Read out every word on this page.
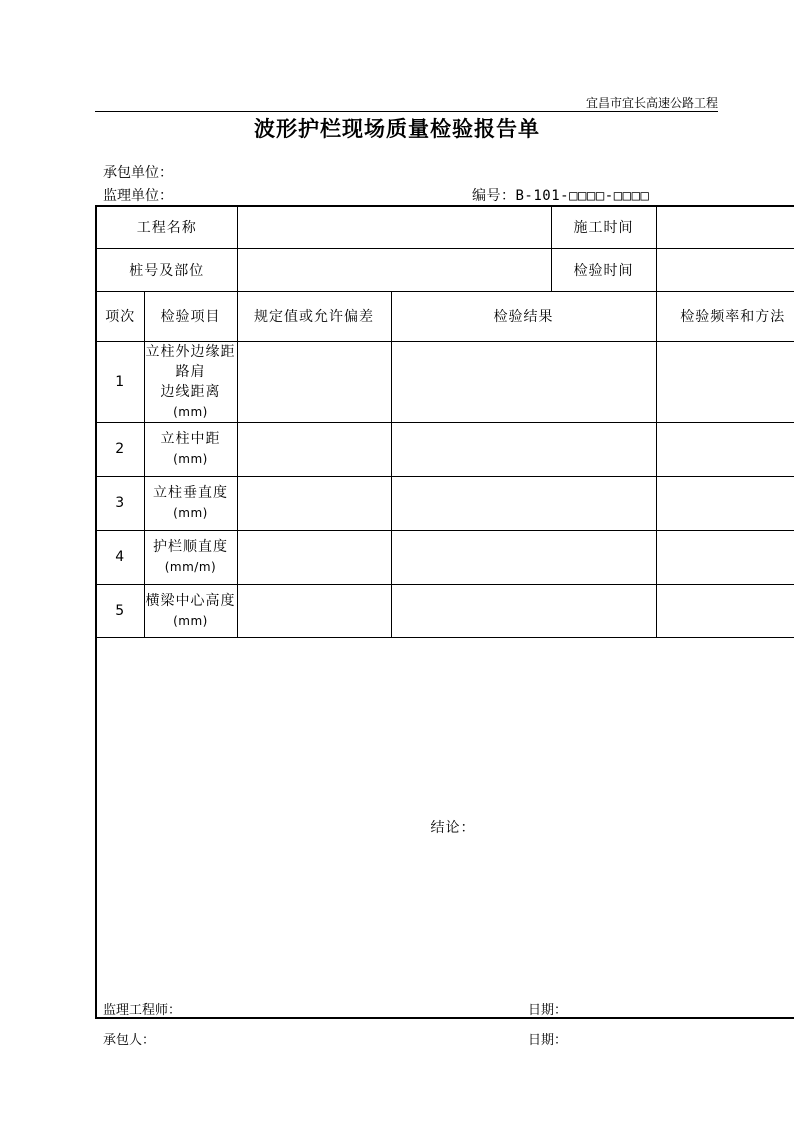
宜昌市宜长高速公路工程
波形护栏现场质量检验报告单
承包单位：
监理单位：	编号：B-101-□□□□-□□□□
工程名称				施工时间	
桩号及部位				检验时间	
项次	检验项目	规定值或允许偏差	检验结果		检验频率和方法
1	立柱外边缘距路肩
边线距离(mm)				
2	立柱中距(mm)				
3	立柱垂直度(mm)				
4	护栏顺直度(mm/m)				
5	横梁中心高度(mm)				
结论：					
监理工程师：	日期：
承包人：	日期：
